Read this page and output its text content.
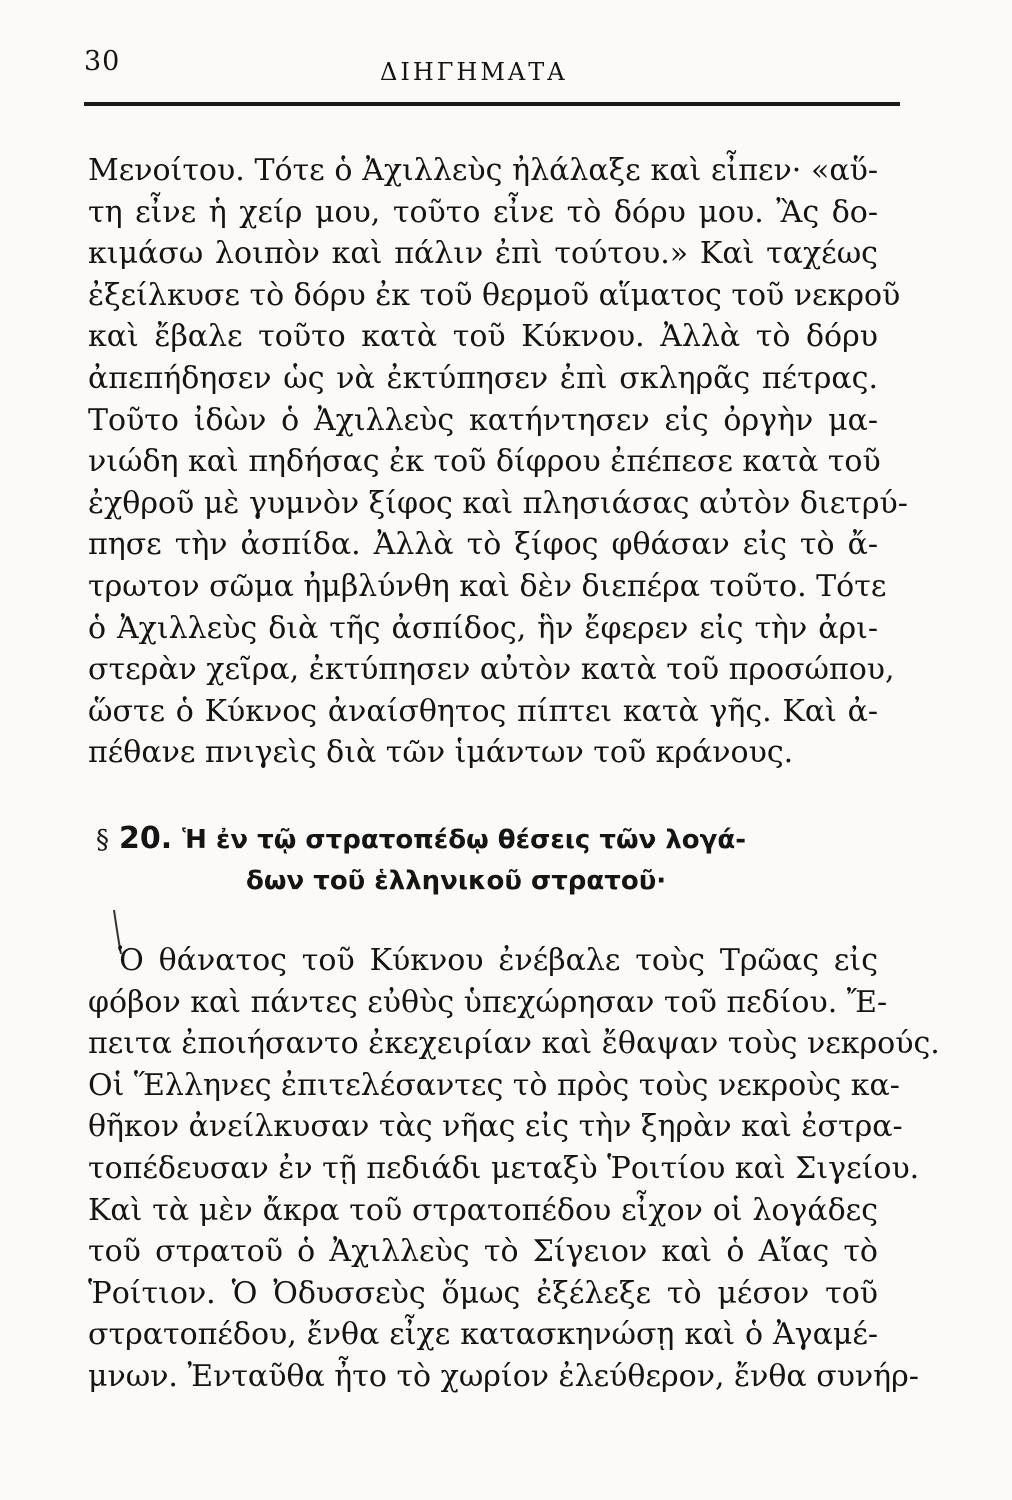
30	ΔΙΗΓΗΜΑΤΑ
Μενοίτου. Τότε ὁ Ἀχιλλεὺς ἠλάλαξε καὶ εἶπεν· «αὕ-
τη εἶνε ἡ χείρ μου, τοῦτο εἶνε τὸ δόρυ μου. Ἂς δο-
κιμάσω λοιπὸν καὶ πάλιν ἐπὶ τούτου.» Καὶ ταχέως
ἐξείλκυσε τὸ δόρυ ἐκ τοῦ θερμοῦ αἵματος τοῦ νεκροῦ
καὶ ἔβαλε τοῦτο κατὰ τοῦ Κύκνου. Ἀλλὰ τὸ δόρυ
ἀπεπήδησεν ὡς νὰ ἐκτύπησεν ἐπὶ σκληρᾶς πέτρας.
Τοῦτο ἰδὼν ὁ Ἀχιλλεὺς κατήντησεν εἰς ὀργὴν μα-
νιώδη καὶ πηδήσας ἐκ τοῦ δίφρου ἐπέπεσε κατὰ τοῦ
ἐχθροῦ μὲ γυμνὸν ξίφος καὶ πλησιάσας αὐτὸν διετρύ-
πησε τὴν ἀσπίδα. Ἀλλὰ τὸ ξίφος φθάσαν εἰς τὸ ἄ-
τρωτον σῶμα ἠμβλύνθη καὶ δὲν διεπέρα τοῦτο. Τότε
ὁ Ἀχιλλεὺς διὰ τῆς ἀσπίδος, ἣν ἔφερεν εἰς τὴν ἀρι-
στερὰν χεῖρα, ἐκτύπησεν αὐτὸν κατὰ τοῦ προσώπου,
ὥστε ὁ Κύκνος ἀναίσθητος πίπτει κατὰ γῆς. Καὶ ἀ-
πέθανε πνιγεὶς διὰ τῶν ἱμάντων τοῦ κράνους.
§ 20. Ἡ ἐν τῷ στρατοπέδῳ θέσεις τῶν λογά-
δων τοῦ ἑλληνικοῦ στρατοῦ·
Ὁ θάνατος τοῦ Κύκνου ἐνέβαλε τοὺς Τρῶας εἰς
φόβον καὶ πάντες εὐθὺς ὑπεχώρησαν τοῦ πεδίου. Ἔ-
πειτα ἐποιήσαντο ἐκεχειρίαν καὶ ἔθαψαν τοὺς νεκρούς.
Οἱ Ἕλληνες ἐπιτελέσαντες τὸ πρὸς τοὺς νεκροὺς κα-
θῆκον ἀνείλκυσαν τὰς νῆας εἰς τὴν ξηρὰν καὶ ἐστρα-
τοπέδευσαν ἐν τῇ πεδιάδι μεταξὺ Ῥοιτίου καὶ Σιγείου.
Καὶ τὰ μὲν ἄκρα τοῦ στρατοπέδου εἶχον οἱ λογάδες
τοῦ στρατοῦ ὁ Ἀχιλλεὺς τὸ Σίγειον καὶ ὁ Αἴας τὸ
Ῥοίτιον. Ὁ Ὀδυσσεὺς ὅμως ἐξέλεξε τὸ μέσον τοῦ
στρατοπέδου, ἔνθα εἶχε κατασκηνώσῃ καὶ ὁ Ἀγαμέ-
μνων. Ἐνταῦθα ἦτο τὸ χωρίον ἐλεύθερον, ἔνθα συνήρ-
